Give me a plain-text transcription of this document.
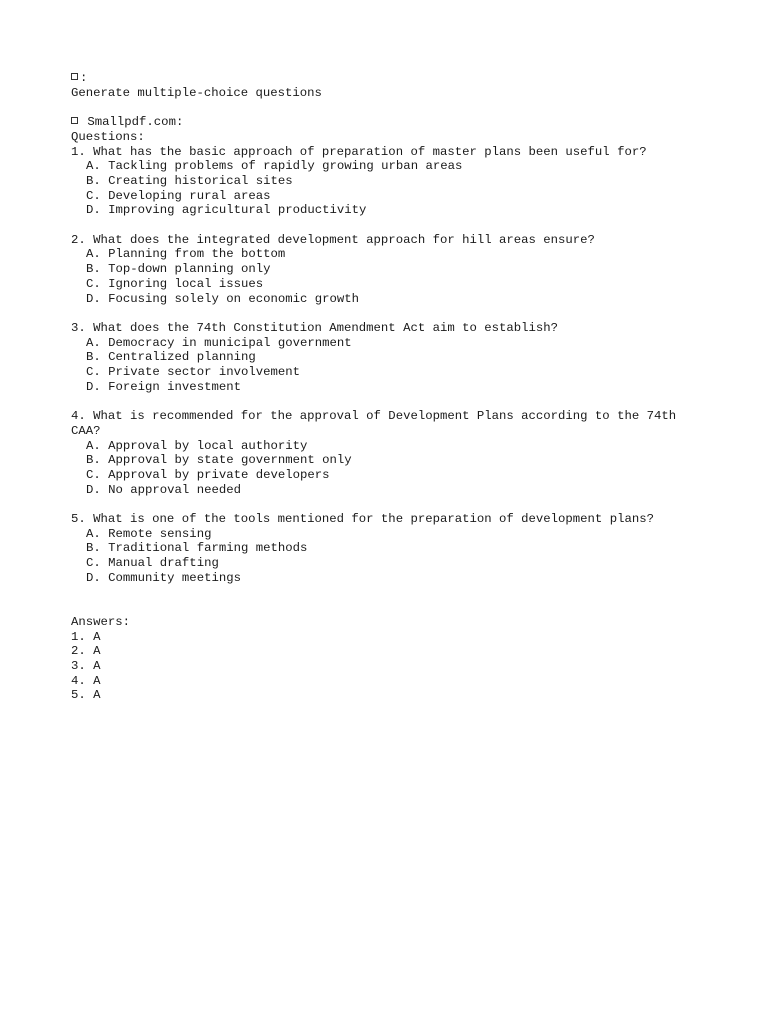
:
Generate multiple-choice questions
Smallpdf.com:
Questions:
1. What has the basic approach of preparation of master plans been useful for?
A. Tackling problems of rapidly growing urban areas
B. Creating historical sites
C. Developing rural areas
D. Improving agricultural productivity
2. What does the integrated development approach for hill areas ensure?
A. Planning from the bottom
B. Top-down planning only
C. Ignoring local issues
D. Focusing solely on economic growth
3. What does the 74th Constitution Amendment Act aim to establish?
A. Democracy in municipal government
B. Centralized planning
C. Private sector involvement
D. Foreign investment
4. What is recommended for the approval of Development Plans according to the 74th CAA?
A. Approval by local authority
B. Approval by state government only
C. Approval by private developers
D. No approval needed
5. What is one of the tools mentioned for the preparation of development plans?
A. Remote sensing
B. Traditional farming methods
C. Manual drafting
D. Community meetings
Answers:
1. A
2. A
3. A
4. A
5. A
